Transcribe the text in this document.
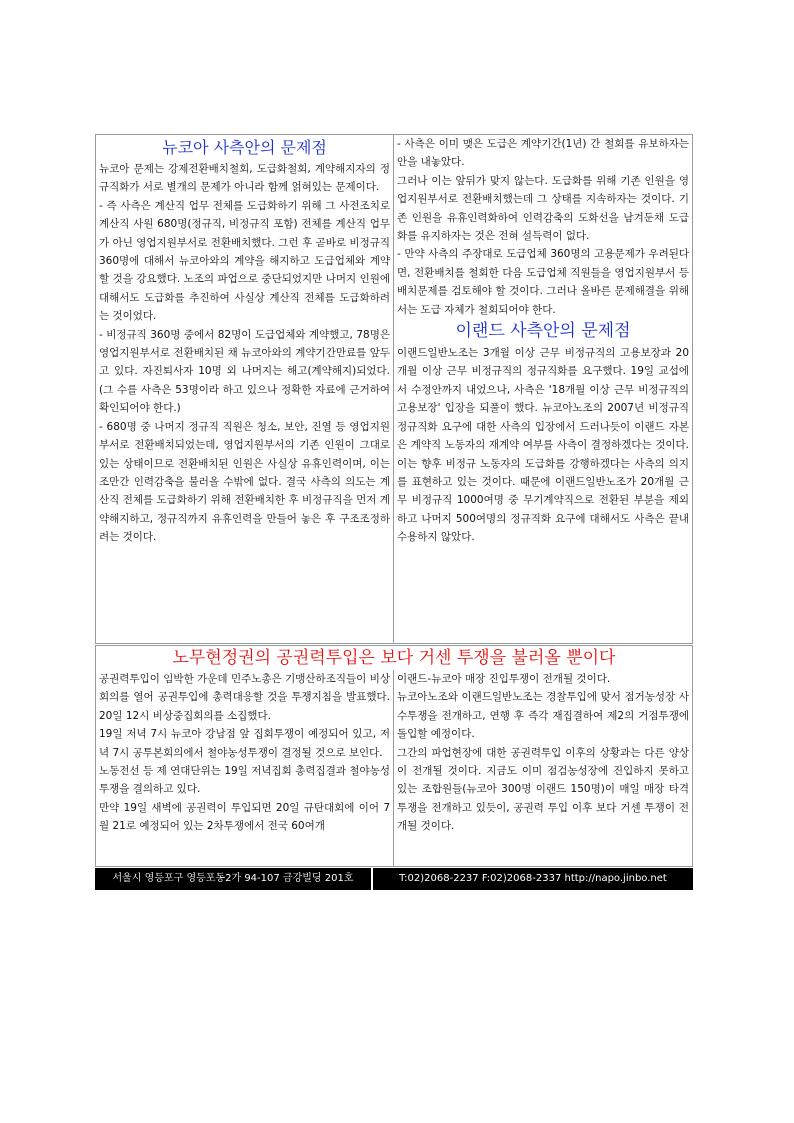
뉴코아 사측안의 문제점

뉴코아 문제는 강제전환배치철회, 도급화철회, 계약해지자의 정규직화가 서로 별개의 문제가 아니라 함께 얽혀있는 문제이다.

- 즉 사측은 계산직 업무 전체를 도급화하기 위해 그 사전조치로 계산직 사원 680명(정규직, 비정규직 포함) 전체를 계산직 업무가 아닌 영업지원부서로 전환배치했다. 그런 후 곧바로 비정규직 360명에 대해서 뉴코아와의 계약을 해지하고 도급업체와 계약할 것을 강요했다. 노조의 파업으로 중단되었지만 나머지 인원에 대해서도 도급화를 추진하여 사실상 계산직 전체를 도급화하려는 것이었다.

- 비정규직 360명 중에서 82명이 도급업체와 계약했고, 78명은 영업지원부서로 전환배치된 채 뉴코아와의 계약기간만료를 앞두고 있다. 자진퇴사자 10명 외 나머지는 해고(계약해지)되었다. (그 수를 사측은 53명이라 하고 있으나 정확한 자료에 근거하여 확인되어야 한다.)

- 680명 중 나머지 정규직 직원은 청소, 보안, 진열 등 영업지원부서로 전환배치되었는데, 영업지원부서의 기존 인원이 그대로 있는 상태이므로 전환배치된 인원은 사실상 유휴인력이며, 이는 조만간 인력감축을 불러올 수밖에 없다. 결국 사측의 의도는 계산직 전체를 도급화하기 위해 전환배치한 후 비정규직을 먼저 계약해지하고, 정규직까지 유휴인력을 만들어 놓은 후 구조조정하려는 것이다.

- 사측은 이미 맺은 도급은 계약기간(1년) 간 철회를 유보하자는 안을 내놓았다.

그러나 이는 앞뒤가 맞지 않는다. 도급화를 위해 기존 인원을 영업지원부서로 전환배치했는데 그 상태를 지속하자는 것이다. 기존 인원을 유휴인력화하여 인력감축의 도화선을 남겨둔채 도급화를 유지하자는 것은 전혀 설득력이 없다.

- 만약 사측의 주장대로 도급업체 360명의 고용문제가 우려된다면, 전환배치를 철회한 다음 도급업체 직원들을 영업지원부서 등 배치문제를 검토해야 할 것이다. 그러나 올바른 문제해결을 위해서는 도급 자체가 철회되어야 한다.

이랜드 사측안의 문제점

이랜드일반노조는 3개월 이상 근무 비정규직의 고용보장과 20개월 이상 근무 비정규직의 정규직화를 요구했다. 19일 교섭에서 수정안까지 내었으나, 사측은 '18개월 이상 근무 비정규직의 고용보장' 입장을 되풀이 했다. 뉴코아노조의 2007년 비정규직 정규직화 요구에 대한 사측의 입장에서 드러나듯이 이랜드 자본은 계약직 노동자의 재계약 여부를 사측이 결정하겠다는 것이다. 이는 향후 비정규 노동자의 도급화를 강행하겠다는 사측의 의지를 표현하고 있는 것이다. 때문에 이랜드일반노조가 20개월 근무 비정규직 1000여명 중 무기계약직으로 전환된 부분을 제외하고 나머지 500여명의 정규직화 요구에 대해서도 사측은 끝내 수용하지 않았다.

노무현정권의 공권력투입은 보다 거센 투쟁을 불러올 뿐이다

공권력투입이 임박한 가운데 민주노총은 기맹산하조직들이 비상회의를 열어 공권투입에 총력대응할 것을 투쟁지침을 발표했다. 20일 12시 비상중집회의를 소집했다.

19일 저녁 7시 뉴코아 강남점 앞 집회투쟁이 예정되어 있고, 저녁 7시 공투본회의에서 철야농성투쟁이 결정될 것으로 보인다.

노동전선 등 제 연대단위는 19일 저녁집회 총력집결과 철야농성투쟁을 결의하고 있다.

만약 19일 새벽에 공권력이 투입되면 20일 규탄대회에 이어 7월 21로 예정되어 있는 2차투쟁에서 전국 60여개

이랜드-뉴코아 매장 진입투쟁이 전개될 것이다.

뉴코아노조와 이랜드일반노조는 경찰투입에 맞서 점거농성장 사수투쟁을 전개하고, 연행 후 즉각 재집결하여 제2의 거점투쟁에 돌입할 예정이다.

그간의 파업현장에 대한 공권력투입 이후의 상황과는 다른 양상이 전개될 것이다. 지금도 이미 점검농성장에 진입하지 못하고 있는 조합원들(뉴코아 300명 이랜드 150명)이 매일 매장 타격투쟁을 전개하고 있듯이, 공권력 투입 이후 보다 거센 투쟁이 전개될 것이다.

서울시 영등포구 영등포동2가 94-107 금강빌딩 201호	T:02)2068-2237 F:02)2068-2337 http://napo.jinbo.net
